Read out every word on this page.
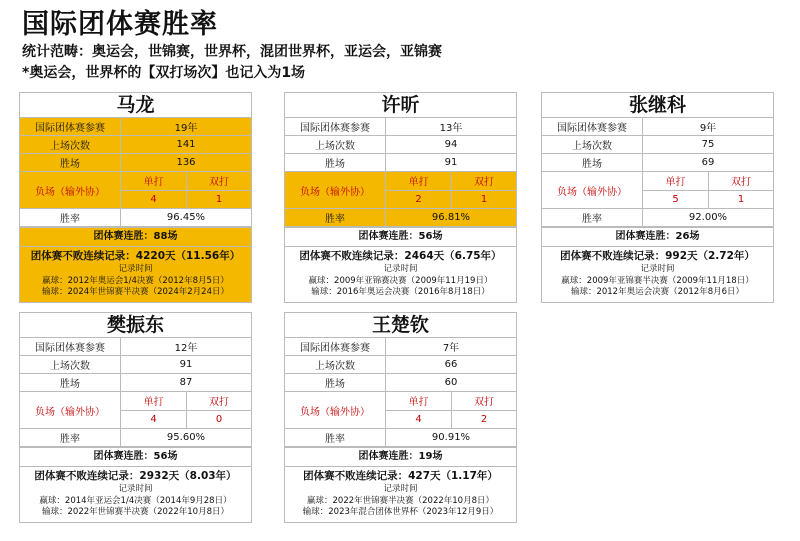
国际团体赛胜率
统计范畴：奥运会，世锦赛，世界杯，混团世界杯，亚运会，亚锦赛
*奥运会，世界杯的【双打场次】也记入为1场
马龙
国际团体赛参赛	19年	
上场次数	141	
胜场	136	
负场（输外协）	单打	双打
	4	1
胜率	96.45%	
团体赛连胜：88场
团体赛不败连续记录：4220天（11.56年）
记录时间
赢球：2012年奥运会1/4决赛（2012年8月5日）
输球：2024年世锦赛半决赛（2024年2月24日）
许昕
国际团体赛参赛	13年	
上场次数	94	
胜场	91	
负场（输外协）	单打	双打
	2	1
胜率	96.81%	
团体赛连胜：56场
团体赛不败连续记录：2464天（6.75年）
记录时间
赢球：2009年亚锦赛决赛（2009年11月19日）
输球：2016年奥运会决赛（2016年8月18日）
张继科
国际团体赛参赛	9年	
上场次数	75	
胜场	69	
负场（输外协）	单打	双打
	5	1
胜率	92.00%	
团体赛连胜：26场
团体赛不败连续记录：992天（2.72年）
记录时间
赢球：2009年亚锦赛半决赛（2009年11月18日）
输球：2012年奥运会决赛（2012年8月6日）
樊振东
国际团体赛参赛	12年	
上场次数	91	
胜场	87	
负场（输外协）	单打	双打
	4	0
胜率	95.60%	
团体赛连胜：56场
团体赛不败连续记录：2932天（8.03年）
记录时间
赢球：2014年亚运会1/4决赛（2014年9月28日）
输球：2022年世锦赛半决赛（2022年10月8日）
王楚钦
国际团体赛参赛	7年	
上场次数	66	
胜场	60	
负场（输外协）	单打	双打
	4	2
胜率	90.91%	
团体赛连胜：19场
团体赛不败连续记录：427天（1.17年）
记录时间
赢球：2022年世锦赛半决赛（2022年10月8日）
输球：2023年混合团体世界杯（2023年12月9日）
